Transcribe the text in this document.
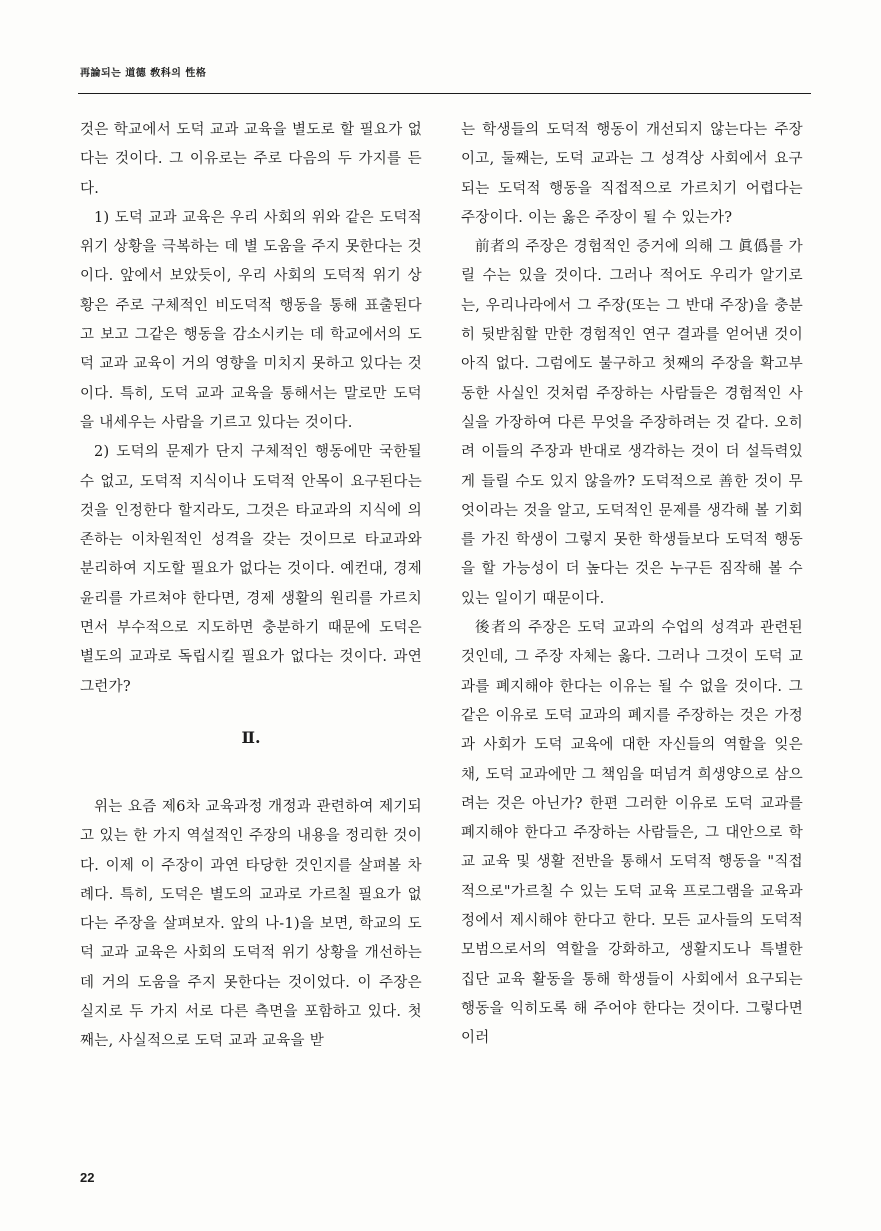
再論되는 道德 敎科의 性格

것은 학교에서 도덕 교과 교육을 별도로 할 필요가 없다는 것이다. 그 이유로는 주로 다음의 두 가지를 든다.

1) 도덕 교과 교육은 우리 사회의 위와 같은 도덕적 위기 상황을 극복하는 데 별 도움을 주지 못한다는 것이다. 앞에서 보았듯이, 우리 사회의 도덕적 위기 상황은 주로 구체적인 비도덕적 행동을 통해 표출된다고 보고 그같은 행동을 감소시키는 데 학교에서의 도덕 교과 교육이 거의 영향을 미치지 못하고 있다는 것이다. 특히, 도덕 교과 교육을 통해서는 말로만 도덕을 내세우는 사람을 기르고 있다는 것이다.

2) 도덕의 문제가 단지 구체적인 행동에만 국한될 수 없고, 도덕적 지식이나 도덕적 안목이 요구된다는 것을 인정한다 할지라도, 그것은 타교과의 지식에 의존하는 이차원적인 성격을 갖는 것이므로 타교과와 분리하여 지도할 필요가 없다는 것이다. 예컨대, 경제 윤리를 가르쳐야 한다면, 경제 생활의 원리를 가르치면서 부수적으로 지도하면 충분하기 때문에 도덕은 별도의 교과로 독립시킬 필요가 없다는 것이다. 과연 그런가?

Ⅱ.

위는 요즘 제6차 교육과정 개정과 관련하여 제기되고 있는 한 가지 역설적인 주장의 내용을 정리한 것이다. 이제 이 주장이 과연 타당한 것인지를 살펴볼 차례다. 특히, 도덕은 별도의 교과로 가르칠 필요가 없다는 주장을 살펴보자. 앞의 나-1)을 보면, 학교의 도덕 교과 교육은 사회의 도덕적 위기 상황을 개선하는 데 거의 도움을 주지 못한다는 것이었다. 이 주장은 실지로 두 가지 서로 다른 측면을 포함하고 있다. 첫째는, 사실적으로 도덕 교과 교육을 받

는 학생들의 도덕적 행동이 개선되지 않는다는 주장이고, 둘째는, 도덕 교과는 그 성격상 사회에서 요구되는 도덕적 행동을 직접적으로 가르치기 어렵다는 주장이다. 이는 옳은 주장이 될 수 있는가?

前者의 주장은 경험적인 증거에 의해 그 眞僞를 가릴 수는 있을 것이다. 그러나 적어도 우리가 알기로는, 우리나라에서 그 주장(또는 그 반대 주장)을 충분히 뒷받침할 만한 경험적인 연구 결과를 얻어낸 것이 아직 없다. 그럼에도 불구하고 첫째의 주장을 확고부동한 사실인 것처럼 주장하는 사람들은 경험적인 사실을 가장하여 다른 무엇을 주장하려는 것 같다. 오히려 이들의 주장과 반대로 생각하는 것이 더 설득력있게 들릴 수도 있지 않을까? 도덕적으로 善한 것이 무엇이라는 것을 알고, 도덕적인 문제를 생각해 볼 기회를 가진 학생이 그렇지 못한 학생들보다 도덕적 행동을 할 가능성이 더 높다는 것은 누구든 짐작해 볼 수 있는 일이기 때문이다.

後者의 주장은 도덕 교과의 수업의 성격과 관련된 것인데, 그 주장 자체는 옳다. 그러나 그것이 도덕 교과를 폐지해야 한다는 이유는 될 수 없을 것이다. 그같은 이유로 도덕 교과의 폐지를 주장하는 것은 가정과 사회가 도덕 교육에 대한 자신들의 역할을 잊은 채, 도덕 교과에만 그 책임을 떠넘겨 희생양으로 삼으려는 것은 아닌가? 한편 그러한 이유로 도덕 교과를 폐지해야 한다고 주장하는 사람들은, 그 대안으로 학교 교육 및 생활 전반을 통해서 도덕적 행동을 "직접적으로"가르칠 수 있는 도덕 교육 프로그램을 교육과정에서 제시해야 한다고 한다. 모든 교사들의 도덕적 모범으로서의 역할을 강화하고, 생활지도나 특별한 집단 교육 활동을 통해 학생들이 사회에서 요구되는 행동을 익히도록 해 주어야 한다는 것이다. 그렇다면 이러

22
